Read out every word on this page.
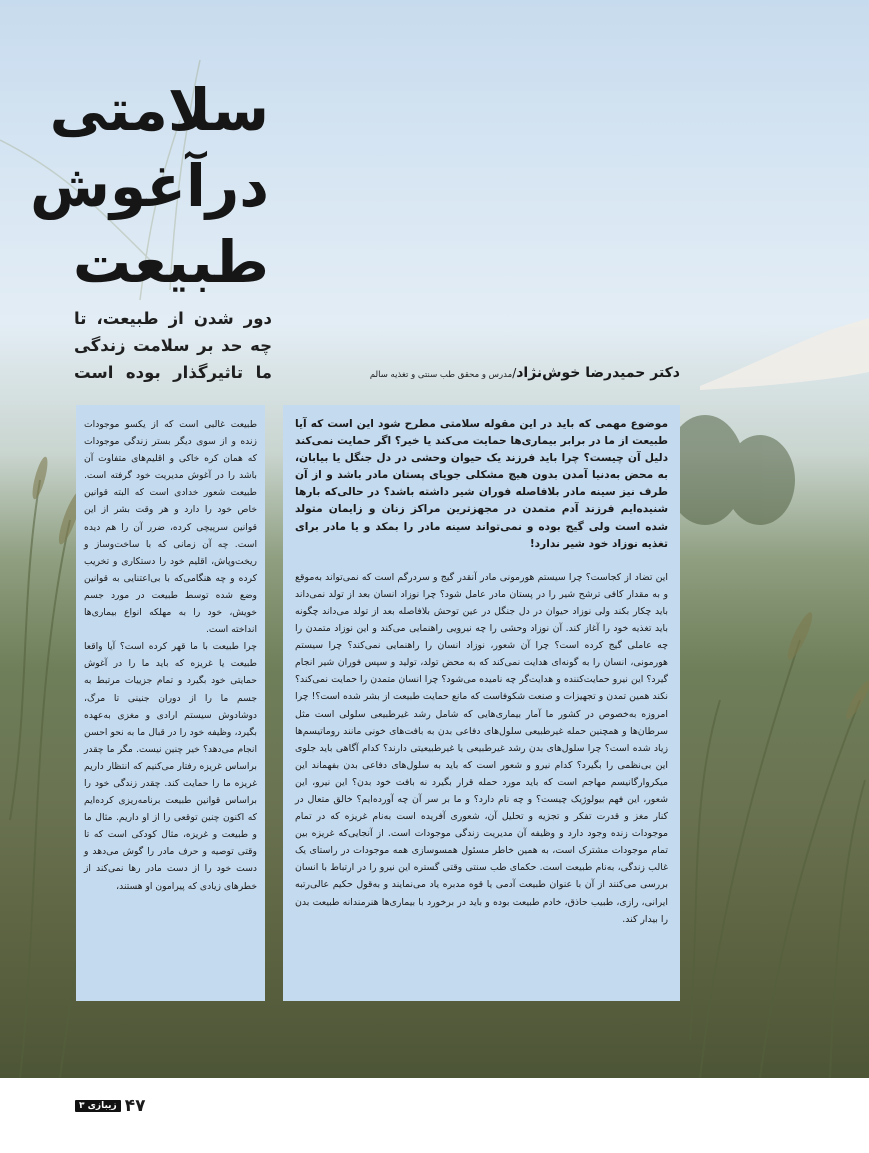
سلامتی
درآغوش
طبیعت
دور شدن از طبیعت، تا چه حد بر سلامت زندگی ما تاثیرگذار بوده است	دکتر حمیدرضا خوش‌نژاد/مدرس و محقق طب سنتی و تغذیه سالم

موضوع مهمی که باید در این مقوله سلامتی مطرح شود این است که آیا طبیعت از ما در برابر بیماری‌ها حمایت می‌کند یا خیر؟ اگر حمایت نمی‌کند دلیل آن چیست؟ چرا باید فرزند یک حیوان وحشی در دل جنگل یا بیابان، به محض به‌دنیا آمدن بدون هیچ مشکلی جویای پستان مادر باشد و از آن طرف نیز سینه مادر بلافاصله فوران شیر داشته باشد؟ در حالی‌که بارها شنیده‌ایم فرزند آدم متمدن در مجهزترین مراکز زنان و زایمان متولد شده است ولی گیج بوده و نمی‌تواند سینه مادر را بمکد و یا مادر برای تغذیه نوزاد خود شیر ندارد!

این تضاد از کجاست؟ چرا سیستم هورمونی مادر آنقدر گیج و سردرگم است که نمی‌تواند به‌موقع و به مقدار کافی ترشح شیر را در پستان مادر عامل شود؟ چرا نوزاد انسان بعد از تولد نمی‌داند باید چکار بکند ولی نوزاد حیوان در دل جنگل در عین توحش بلافاصله بعد از تولد می‌داند چگونه باید تغذیه خود را آغاز کند. آن نوزاد وحشی را چه نیرویی راهنمایی می‌کند و این نوزاد متمدن را چه عاملی گیج کرده است؟ چرا آن شعور، نوزاد انسان را راهنمایی نمی‌کند؟ چرا سیستم هورمونی، انسان را به گونه‌ای هدایت نمی‌کند که به محض تولد، تولید و سپس فوران شیر انجام گیرد؟ این نیرو حمایت‌کننده و هدایت‌گر چه نامیده می‌شود؟ چرا انسان متمدن را حمایت نمی‌کند؟ نکند همین تمدن و تجهیزات و صنعت شکوفاست که مانع حمایت طبیعت از بشر شده است؟! چرا امروزه به‌خصوص در کشور ما آمار بیماری‌هایی که شامل رشد غیرطبیعی سلولی است مثل سرطان‌ها و همچنین حمله غیرطبیعی سلول‌های دفاعی بدن به بافت‌های خونی مانند روماتیسم‌ها زیاد شده است؟ چرا سلول‌های بدن رشد غیرطبیعی یا غیرطبیعیتی دارند؟ کدام آگاهی باید جلوی این بی‌نظمی را بگیرد؟ کدام نیرو و شعور است که باید به سلول‌های دفاعی بدن بفهماند این میکروارگانیسم مهاجم است که باید مورد حمله قرار بگیرد نه بافت خود بدن؟ این نیرو، این شعور، این فهم بیولوژیک چیست؟ و چه نام دارد؟ و ما بر سر آن چه آورده‌ایم؟ خالق متعال در کنار مغز و قدرت تفکر و تجزیه و تحلیل آن، شعوری آفریده است به‌نام غریزه که در تمام موجودات زنده وجود دارد و وظیفه آن مدیریت زندگی موجودات است. از آنجایی‌که غریزه بین تمام موجودات مشترک است، به همین خاطر مسئول همسوسازی همه موجودات در راستای یک غالب زندگی، به‌نام طبیعت است. حکمای طب سنتی وقتی گستره این نیرو را در ارتباط با انسان بررسی می‌کنند از آن با عنوان طبیعت آدمی یا قوه مدبره یاد می‌نمایند و به‌قول حکیم عالی‌رتبه ایرانی، رازی، طبیب حاذق، خادم طبیعت بوده و باید در برخورد با بیماری‌ها هنرمندانه طبیعت بدن را بیدار کند.

طبیعت غالبی است که از یکسو موجودات زنده و از سوی دیگر بستر زندگی موجودات که همان کره خاکی و اقلیم‌های متفاوت آن باشد را در آغوش مدیریت خود گرفته است. طبیعت شعور خدادی است که البته قوانین خاص خود را دارد و هر وقت بشر از این قوانین سرپیچی کرده، ضرر آن را هم دیده است. چه آن زمانی که با ساخت‌وساز و ریخت‌وپاش، اقلیم خود را دستکاری و تخریب کرده و چه هنگامی‌که با بی‌اعتنایی به قوانین وضع شده توسط طبیعت در مورد جسم خویش، خود را به مهلکه انواع بیماری‌ها انداخته است.

چرا طبیعت با ما قهر کرده است؟ آیا واقعا طبیعت یا غریزه که باید ما را در آغوش حمایتی خود بگیرد و تمام جزییات مرتبط به جسم ما را از دوران جنینی تا مرگ، دوشادوش سیستم ارادی و مغزی به‌عهده بگیرد، وظیفه خود را در قبال ما به نحو احسن انجام می‌دهد؟ خیر چنین نیست. مگر ما چقدر براساس غریزه رفتار می‌کنیم که انتظار داریم غریزه ما را حمایت کند. چقدر زندگی خود را براساس قوانین طبیعت برنامه‌ریزی کرده‌ایم که اکنون چنین توقعی را از او داریم. مثال ما و طبیعت و غریزه، مثال کودکی است که تا وقتی توصیه و حرف مادر را گوش می‌دهد و دست خود را از دست مادر رها نمی‌کند از خطرهای زیادی که پیرامون او هستند،

۴۷
زیبازی ۳
